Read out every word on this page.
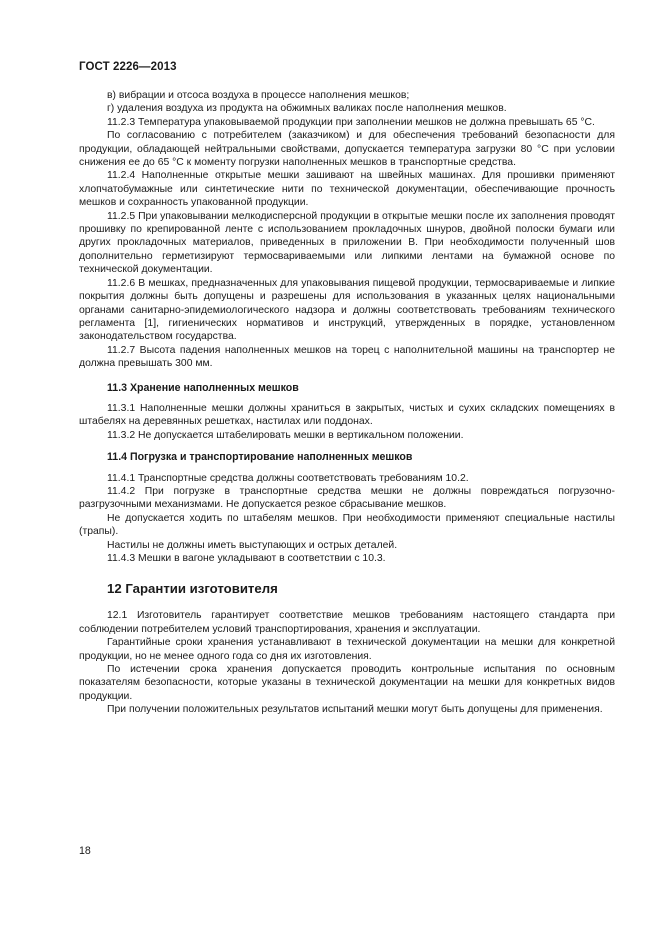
ГОСТ 2226—2013

в) вибрации и отсоса воздуха в процессе наполнения мешков;

г) удаления воздуха из продукта на обжимных валиках после наполнения мешков.

11.2.3 Температура упаковываемой продукции при заполнении мешков не должна превышать 65 °С.

По согласованию с потребителем (заказчиком) и для обеспечения требований безопасности для продукции, обладающей нейтральными свойствами, допускается температура загрузки 80 °С при условии снижения ее до 65 °С к моменту погрузки наполненных мешков в транспортные средства.

11.2.4 Наполненные открытые мешки зашивают на швейных машинах. Для прошивки применяют хлопчатобумажные или синтетические нити по технической документации, обеспечивающие прочность мешков и сохранность упакованной продукции.

11.2.5 При упаковывании мелкодисперсной продукции в открытые мешки после их заполнения проводят прошивку по крепированной ленте с использованием прокладочных шнуров, двойной полоски бумаги или других прокладочных материалов, приведенных в приложении В. При необходимости полученный шов дополнительно герметизируют термосвариваемыми или липкими лентами на бумажной основе по технической документации.

11.2.6 В мешках, предназначенных для упаковывания пищевой продукции, термосвариваемые и липкие покрытия должны быть допущены и разрешены для использования в указанных целях национальными органами санитарно-эпидемиологического надзора и должны соответствовать требованиям технического регламента [1], гигиенических нормативов и инструкций, утвержденных в порядке, установленном законодательством государства.

11.2.7 Высота падения наполненных мешков на торец с наполнительной машины на транспортер не должна превышать 300 мм.

11.3 Хранение наполненных мешков

11.3.1 Наполненные мешки должны храниться в закрытых, чистых и сухих складских помещениях в штабелях на деревянных решетках, настилах или поддонах.

11.3.2 Не допускается штабелировать мешки в вертикальном положении.

11.4 Погрузка и транспортирование наполненных мешков

11.4.1 Транспортные средства должны соответствовать требованиям 10.2.

11.4.2 При погрузке в транспортные средства мешки не должны повреждаться погрузочно-разгрузочными механизмами. Не допускается резкое сбрасывание мешков.

Не допускается ходить по штабелям мешков. При необходимости применяют специальные настилы (трапы).

Настилы не должны иметь выступающих и острых деталей.

11.4.3 Мешки в вагоне укладывают в соответствии с 10.3.

12 Гарантии изготовителя

12.1 Изготовитель гарантирует соответствие мешков требованиям настоящего стандарта при соблюдении потребителем условий транспортирования, хранения и эксплуатации.

Гарантийные сроки хранения устанавливают в технической документации на мешки для конкретной продукции, но не менее одного года со дня их изготовления.

По истечении срока хранения допускается проводить контрольные испытания по основным показателям безопасности, которые указаны в технической документации на мешки для конкретных видов продукции.

При получении положительных результатов испытаний мешки могут быть допущены для применения.

18
